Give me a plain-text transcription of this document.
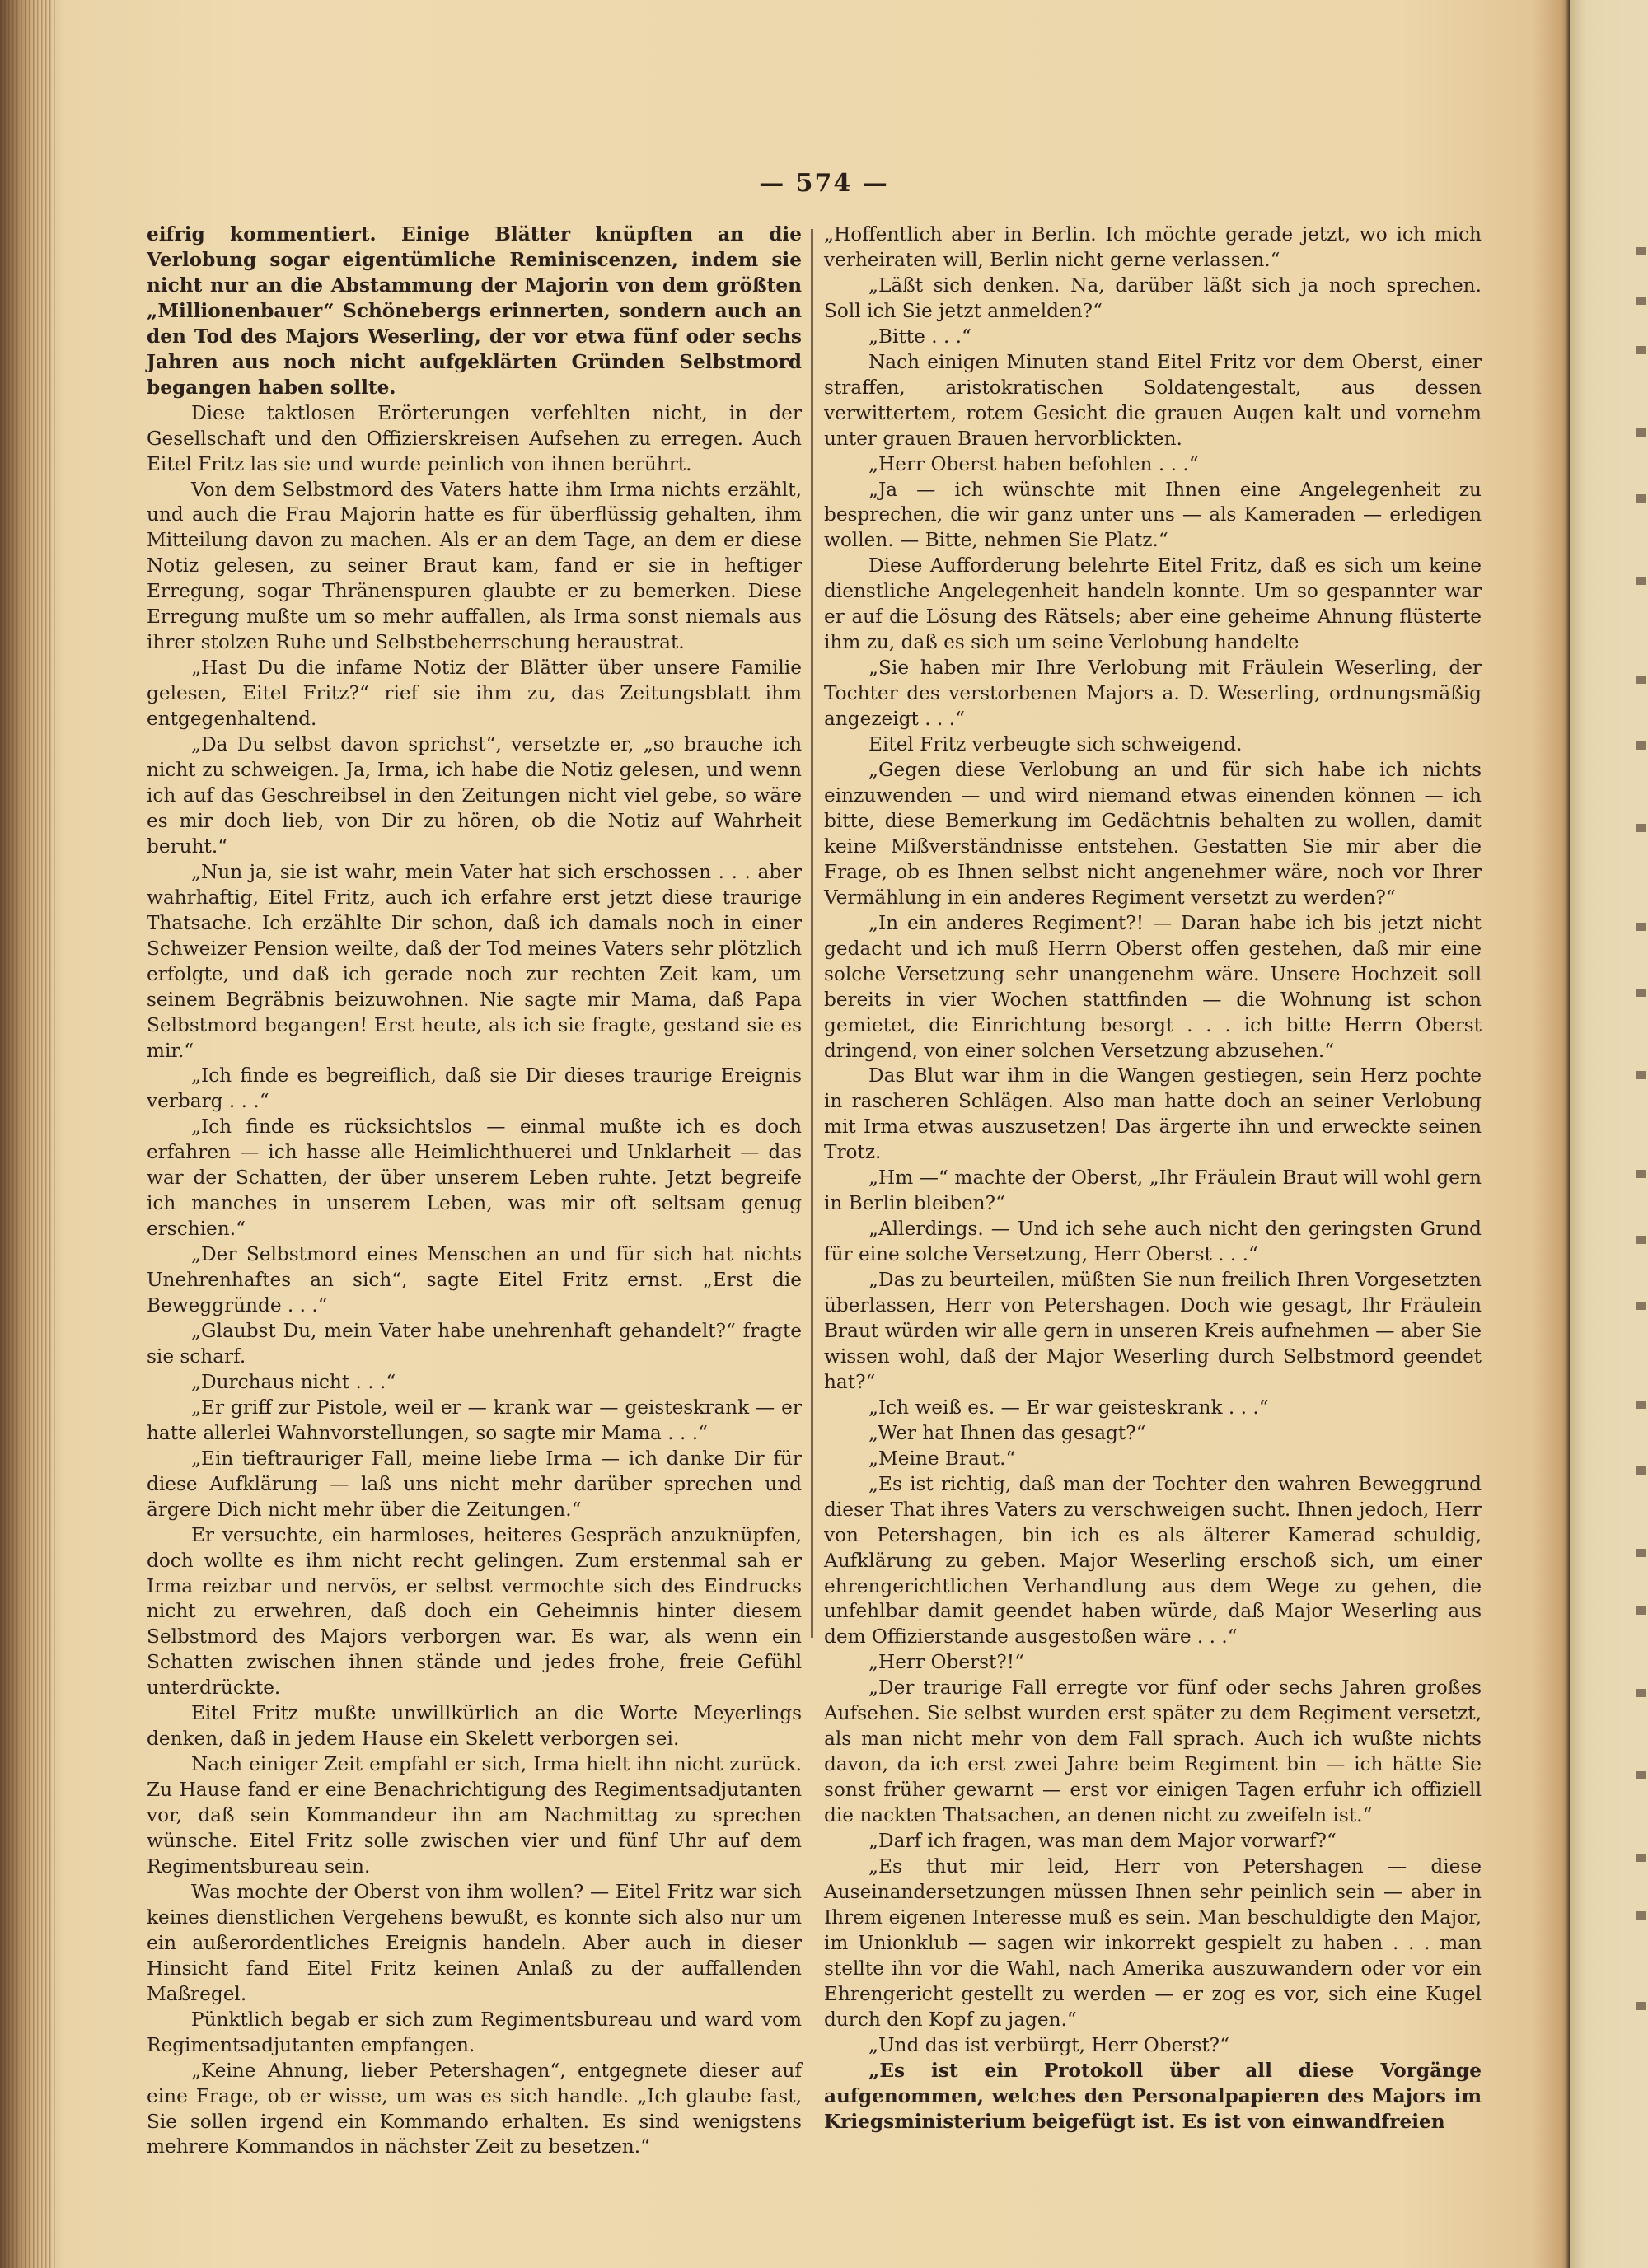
— 574 —

eifrig kommentiert. Einige Blätter knüpften an die Verlobung sogar eigentümliche Reminiscenzen, indem sie nicht nur an die Abstammung der Majorin von dem größten „Millionenbauer“ Schönebergs erinnerten, sondern auch an den Tod des Majors Weserling, der vor etwa fünf oder sechs Jahren aus noch nicht aufgeklärten Gründen Selbstmord begangen haben sollte.

Diese taktlosen Erörterungen verfehlten nicht, in der Gesellschaft und den Offizierskreisen Aufsehen zu erregen. Auch Eitel Fritz las sie und wurde peinlich von ihnen berührt.

Von dem Selbstmord des Vaters hatte ihm Irma nichts erzählt, und auch die Frau Majorin hatte es für überflüssig gehalten, ihm Mitteilung davon zu machen. Als er an dem Tage, an dem er diese Notiz gelesen, zu seiner Braut kam, fand er sie in heftiger Erregung, sogar Thränenspuren glaubte er zu bemerken. Diese Erregung mußte um so mehr auffallen, als Irma sonst niemals aus ihrer stolzen Ruhe und Selbstbeherrschung heraustrat.

„Hast Du die infame Notiz der Blätter über unsere Familie gelesen, Eitel Fritz?“ rief sie ihm zu, das Zeitungsblatt ihm entgegenhaltend.

„Da Du selbst davon sprichst“, versetzte er, „so brauche ich nicht zu schweigen. Ja, Irma, ich habe die Notiz gelesen, und wenn ich auf das Geschreibsel in den Zeitungen nicht viel gebe, so wäre es mir doch lieb, von Dir zu hören, ob die Notiz auf Wahrheit beruht.“

„Nun ja, sie ist wahr, mein Vater hat sich erschossen . . . aber wahrhaftig, Eitel Fritz, auch ich erfahre erst jetzt diese traurige Thatsache. Ich erzählte Dir schon, daß ich damals noch in einer Schweizer Pension weilte, daß der Tod meines Vaters sehr plötzlich erfolgte, und daß ich gerade noch zur rechten Zeit kam, um seinem Begräbnis beizuwohnen. Nie sagte mir Mama, daß Papa Selbstmord begangen! Erst heute, als ich sie fragte, gestand sie es mir.“

„Ich finde es begreiflich, daß sie Dir dieses traurige Ereignis verbarg . . .“

„Ich finde es rücksichtslos — einmal mußte ich es doch erfahren — ich hasse alle Heimlichthuerei und Unklarheit — das war der Schatten, der über unserem Leben ruhte. Jetzt begreife ich manches in unserem Leben, was mir oft seltsam genug erschien.“

„Der Selbstmord eines Menschen an und für sich hat nichts Unehrenhaftes an sich“, sagte Eitel Fritz ernst. „Erst die Beweggründe . . .“

„Glaubst Du, mein Vater habe unehrenhaft gehandelt?“ fragte sie scharf.

„Durchaus nicht . . .“

„Er griff zur Pistole, weil er — krank war — geisteskrank — er hatte allerlei Wahnvorstellungen, so sagte mir Mama . . .“

„Ein tieftrauriger Fall, meine liebe Irma — ich danke Dir für diese Aufklärung — laß uns nicht mehr darüber sprechen und ärgere Dich nicht mehr über die Zeitungen.“

Er versuchte, ein harmloses, heiteres Gespräch anzuknüpfen, doch wollte es ihm nicht recht gelingen. Zum erstenmal sah er Irma reizbar und nervös, er selbst vermochte sich des Eindrucks nicht zu erwehren, daß doch ein Geheimnis hinter diesem Selbstmord des Majors verborgen war. Es war, als wenn ein Schatten zwischen ihnen stände und jedes frohe, freie Gefühl unterdrückte.

Eitel Fritz mußte unwillkürlich an die Worte Meyerlings denken, daß in jedem Hause ein Skelett verborgen sei.

Nach einiger Zeit empfahl er sich, Irma hielt ihn nicht zurück. Zu Hause fand er eine Benachrichtigung des Regimentsadjutanten vor, daß sein Kommandeur ihn am Nachmittag zu sprechen wünsche. Eitel Fritz solle zwischen vier und fünf Uhr auf dem Regimentsbureau sein.

Was mochte der Oberst von ihm wollen? — Eitel Fritz war sich keines dienstlichen Vergehens bewußt, es konnte sich also nur um ein außerordentliches Ereignis handeln. Aber auch in dieser Hinsicht fand Eitel Fritz keinen Anlaß zu der auffallenden Maßregel.

Pünktlich begab er sich zum Regimentsbureau und ward vom Regimentsadjutanten empfangen.

„Keine Ahnung, lieber Petershagen“, entgegnete dieser auf eine Frage, ob er wisse, um was es sich handle. „Ich glaube fast, Sie sollen irgend ein Kommando erhalten. Es sind wenigstens mehrere Kommandos in nächster Zeit zu besetzen.“

„Hoffentlich aber in Berlin. Ich möchte gerade jetzt, wo ich mich verheiraten will, Berlin nicht gerne verlassen.“

„Läßt sich denken. Na, darüber läßt sich ja noch sprechen. Soll ich Sie jetzt anmelden?“

„Bitte . . .“

Nach einigen Minuten stand Eitel Fritz vor dem Oberst, einer straffen, aristokratischen Soldatengestalt, aus dessen verwittertem, rotem Gesicht die grauen Augen kalt und vornehm unter grauen Brauen hervorblickten.

„Herr Oberst haben befohlen . . .“

„Ja — ich wünschte mit Ihnen eine Angelegenheit zu besprechen, die wir ganz unter uns — als Kameraden — erledigen wollen. — Bitte, nehmen Sie Platz.“

Diese Aufforderung belehrte Eitel Fritz, daß es sich um keine dienstliche Angelegenheit handeln konnte. Um so gespannter war er auf die Lösung des Rätsels; aber eine geheime Ahnung flüsterte ihm zu, daß es sich um seine Verlobung handelte

„Sie haben mir Ihre Verlobung mit Fräulein Weserling, der Tochter des verstorbenen Majors a. D. Weserling, ordnungsmäßig angezeigt . . .“

Eitel Fritz verbeugte sich schweigend.

„Gegen diese Verlobung an und für sich habe ich nichts einzuwenden — und wird niemand etwas einenden können — ich bitte, diese Bemerkung im Gedächtnis behalten zu wollen, damit keine Mißverständnisse entstehen. Gestatten Sie mir aber die Frage, ob es Ihnen selbst nicht angenehmer wäre, noch vor Ihrer Vermählung in ein anderes Regiment versetzt zu werden?“

„In ein anderes Regiment?! — Daran habe ich bis jetzt nicht gedacht und ich muß Herrn Oberst offen gestehen, daß mir eine solche Versetzung sehr unangenehm wäre. Unsere Hochzeit soll bereits in vier Wochen stattfinden — die Wohnung ist schon gemietet, die Einrichtung besorgt . . . ich bitte Herrn Oberst dringend, von einer solchen Versetzung abzusehen.“

Das Blut war ihm in die Wangen gestiegen, sein Herz pochte in rascheren Schlägen. Also man hatte doch an seiner Verlobung mit Irma etwas auszusetzen! Das ärgerte ihn und erweckte seinen Trotz.

„Hm —“ machte der Oberst, „Ihr Fräulein Braut will wohl gern in Berlin bleiben?“

„Allerdings. — Und ich sehe auch nicht den geringsten Grund für eine solche Versetzung, Herr Oberst . . .“

„Das zu beurteilen, müßten Sie nun freilich Ihren Vorgesetzten überlassen, Herr von Petershagen. Doch wie gesagt, Ihr Fräulein Braut würden wir alle gern in unseren Kreis aufnehmen — aber Sie wissen wohl, daß der Major Weserling durch Selbstmord geendet hat?“

„Ich weiß es. — Er war geisteskrank . . .“

„Wer hat Ihnen das gesagt?“

„Meine Braut.“

„Es ist richtig, daß man der Tochter den wahren Beweggrund dieser That ihres Vaters zu verschweigen sucht. Ihnen jedoch, Herr von Petershagen, bin ich es als älterer Kamerad schuldig, Aufklärung zu geben. Major Weserling erschoß sich, um einer ehrengerichtlichen Verhandlung aus dem Wege zu gehen, die unfehlbar damit geendet haben würde, daß Major Weserling aus dem Offizierstande ausgestoßen wäre . . .“

„Herr Oberst?!“

„Der traurige Fall erregte vor fünf oder sechs Jahren großes Aufsehen. Sie selbst wurden erst später zu dem Regiment versetzt, als man nicht mehr von dem Fall sprach. Auch ich wußte nichts davon, da ich erst zwei Jahre beim Regiment bin — ich hätte Sie sonst früher gewarnt — erst vor einigen Tagen erfuhr ich offiziell die nackten Thatsachen, an denen nicht zu zweifeln ist.“

„Darf ich fragen, was man dem Major vorwarf?“

„Es thut mir leid, Herr von Petershagen — diese Auseinandersetzungen müssen Ihnen sehr peinlich sein — aber in Ihrem eigenen Interesse muß es sein. Man beschuldigte den Major, im Unionklub — sagen wir inkorrekt gespielt zu haben . . . man stellte ihn vor die Wahl, nach Amerika auszuwandern oder vor ein Ehrengericht gestellt zu werden — er zog es vor, sich eine Kugel durch den Kopf zu jagen.“

„Und das ist verbürgt, Herr Oberst?“

„Es ist ein Protokoll über all diese Vorgänge aufgenommen, welches den Personalpapieren des Majors im Kriegsministerium beigefügt ist. Es ist von einwandfreien
